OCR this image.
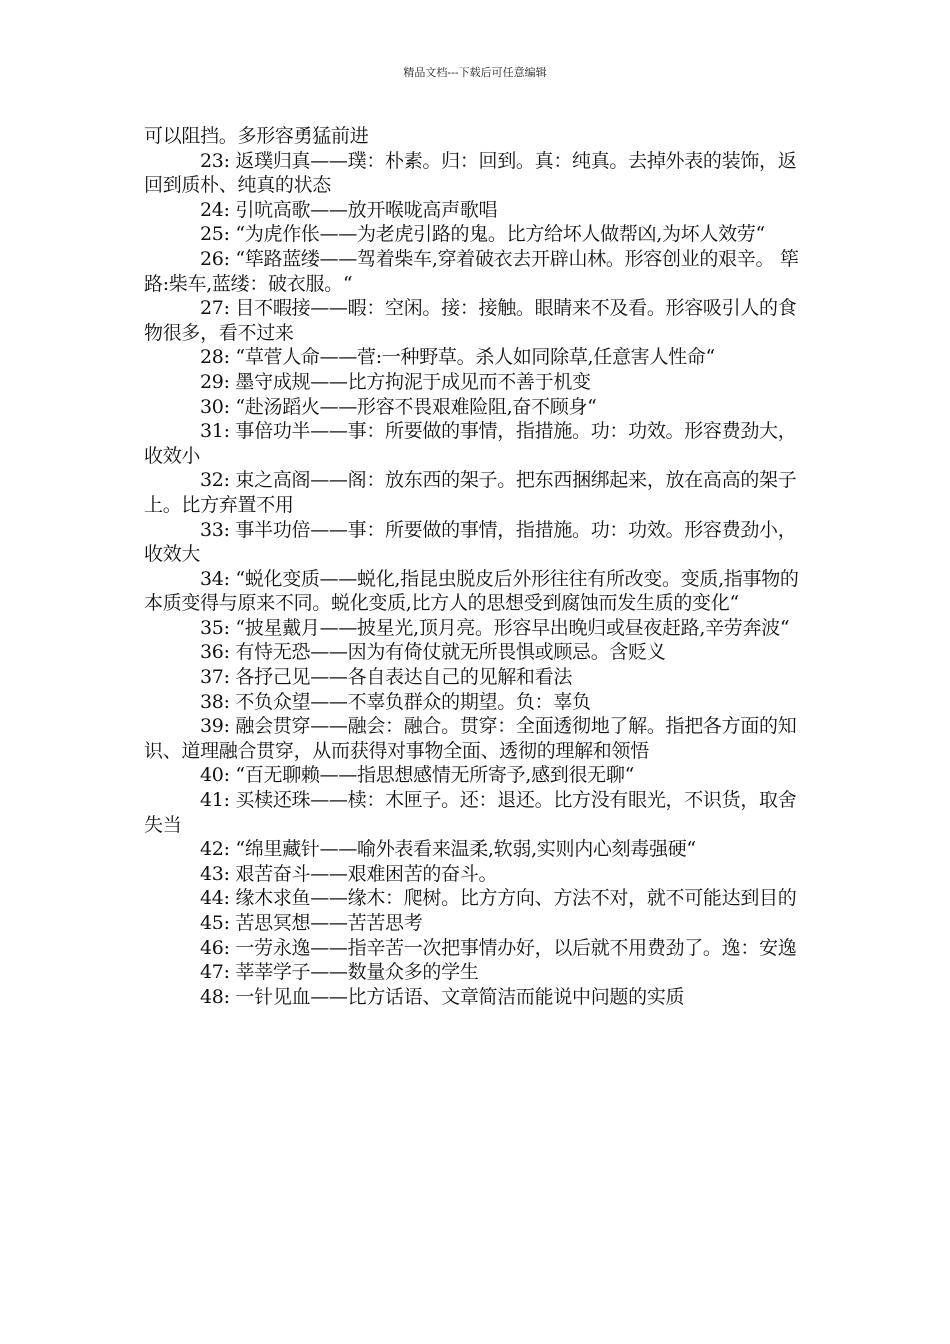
精品文档---下载后可任意编辑

可以阻挡。多形容勇猛前进

23: 返璞归真——璞：朴素。归：回到。真：纯真。去掉外表的装饰，返回到质朴、纯真的状态

24: 引吭高歌——放开喉咙高声歌唱

25: “为虎作伥——为老虎引路的鬼。比方给坏人做帮凶,为坏人效劳“

26: “筚路蓝缕——驾着柴车,穿着破衣去开辟山林。形容创业的艰辛。 筚路:柴车,蓝缕：破衣服。“

27: 目不暇接——暇：空闲。接：接触。眼睛来不及看。形容吸引人的食物很多，看不过来

28: “草菅人命——菅:一种野草。杀人如同除草,任意害人性命“

29: 墨守成规——比方拘泥于成见而不善于机变

30: “赴汤蹈火——形容不畏艰难险阻,奋不顾身“

31: 事倍功半——事：所要做的事情，指措施。功：功效。形容费劲大，收效小

32: 束之高阁——阁：放东西的架子。把东西捆绑起来，放在高高的架子上。比方弃置不用

33: 事半功倍——事：所要做的事情，指措施。功：功效。形容费劲小，收效大

34: “蜕化变质——蜕化,指昆虫脱皮后外形往往有所改变。变质,指事物的本质变得与原来不同。蜕化变质,比方人的思想受到腐蚀而发生质的变化“

35: “披星戴月——披星光,顶月亮。形容早出晚归或昼夜赶路,辛劳奔波“

36: 有恃无恐——因为有倚仗就无所畏惧或顾忌。含贬义

37: 各抒己见——各自表达自己的见解和看法

38: 不负众望——不辜负群众的期望。负：辜负

39: 融会贯穿——融会：融合。贯穿：全面透彻地了解。指把各方面的知识、道理融合贯穿，从而获得对事物全面、透彻的理解和领悟

40: “百无聊赖——指思想感情无所寄予,感到很无聊“

41: 买椟还珠——椟：木匣子。还：退还。比方没有眼光，不识货，取舍失当

42: “绵里藏针——喻外表看来温柔,软弱,实则内心刻毒强硬“

43: 艰苦奋斗——艰难困苦的奋斗。

44: 缘木求鱼——缘木：爬树。比方方向、方法不对，就不可能达到目的

45: 苦思冥想——苦苦思考

46: 一劳永逸——指辛苦一次把事情办好，以后就不用费劲了。逸：安逸

47: 莘莘学子——数量众多的学生

48: 一针见血——比方话语、文章简洁而能说中问题的实质
